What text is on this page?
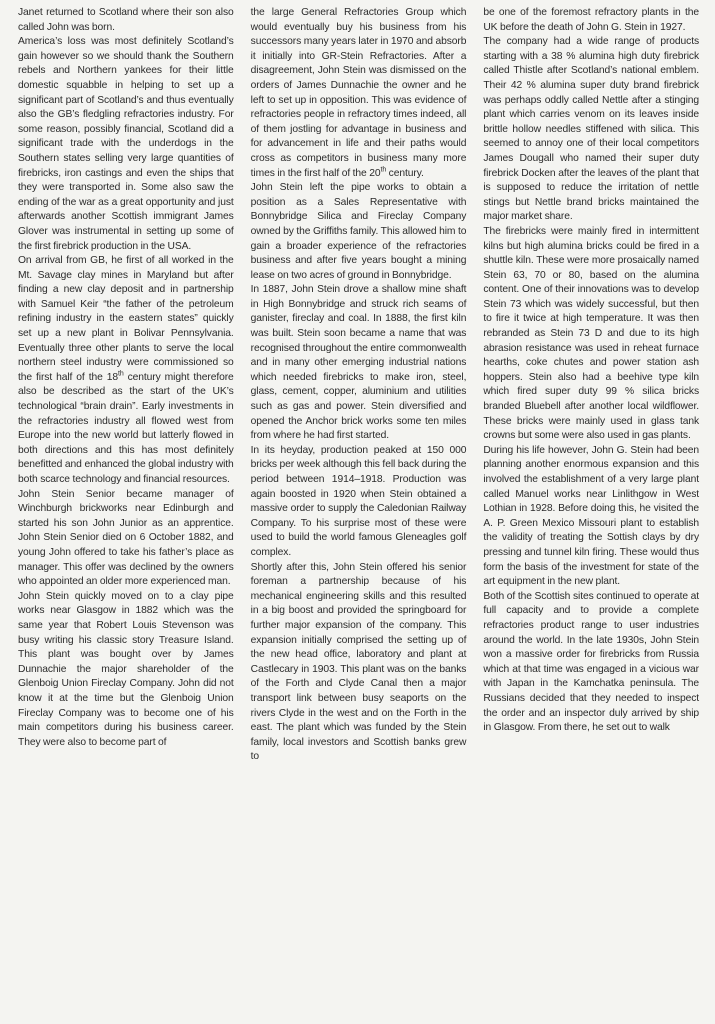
Janet returned to Scotland where their son also called John was born.

America’s loss was most definitely Scotland’s gain however so we should thank the Southern rebels and Northern yankees for their little domestic squabble in helping to set up a significant part of Scotland’s and thus eventually also the GB’s fledgling refractories industry. For some reason, possibly financial, Scotland did a significant trade with the underdogs in the Southern states selling very large quantities of firebricks, iron castings and even the ships that they were transported in. Some also saw the ending of the war as a great opportunity and just afterwards another Scottish immigrant James Glover was instrumental in setting up some of the first firebrick production in the USA.

On arrival from GB, he first of all worked in the Mt. Savage clay mines in Maryland but after finding a new clay deposit and in partnership with Samuel Keir “the father of the petroleum refining industry in the eastern states” quickly set up a new plant in Bolivar Pennsylvania. Eventually three other plants to serve the local northern steel industry were commissioned so the first half of the 18th century might therefore also be described as the start of the UK’s technological “brain drain”. Early investments in the refractories industry all flowed west from Europe into the new world but latterly flowed in both directions and this has most definitely benefitted and enhanced the global industry with both scarce technology and financial resources.

John Stein Senior became manager of Winchburgh brickworks near Edinburgh and started his son John Junior as an apprentice. John Stein Senior died on 6 October 1882, and young John offered to take his father’s place as manager. This offer was declined by the owners who appointed an older more experienced man.

John Stein quickly moved on to a clay pipe works near Glasgow in 1882 which was the same year that Robert Louis Stevenson was busy writing his classic story Treasure Island. This plant was bought over by James Dunnachie the major shareholder of the Glenboig Union Fireclay Company. John did not know it at the time but the Glenboig Union Fireclay Company was to become one of his main competitors during his business career. They were also to become part of

the large General Refractories Group which would eventually buy his business from his successors many years later in 1970 and absorb it initially into GR-Stein Refractories. After a disagreement, John Stein was dismissed on the orders of James Dunnachie the owner and he left to set up in opposition. This was evidence of refractories people in refractory times indeed, all of them jostling for advantage in business and for advancement in life and their paths would cross as competitors in business many more times in the first half of the 20th century.

John Stein left the pipe works to obtain a position as a Sales Representative with Bonnybridge Silica and Fireclay Company owned by the Griffiths family. This allowed him to gain a broader experience of the refractories business and after five years bought a mining lease on two acres of ground in Bonnybridge.

In 1887, John Stein drove a shallow mine shaft in High Bonnybridge and struck rich seams of ganister, fireclay and coal. In 1888, the first kiln was built. Stein soon became a name that was recognised throughout the entire commonwealth and in many other emerging industrial nations which needed firebricks to make iron, steel, glass, cement, copper, aluminium and utilities such as gas and power. Stein diversified and opened the Anchor brick works some ten miles from where he had first started.

In its heyday, production peaked at 150 000 bricks per week although this fell back during the period between 1914–1918. Production was again boosted in 1920 when Stein obtained a massive order to supply the Caledonian Railway Company. To his surprise most of these were used to build the world famous Gleneagles golf complex.

Shortly after this, John Stein offered his senior foreman a partnership because of his mechanical engineering skills and this resulted in a big boost and provided the springboard for further major expansion of the company. This expansion initially comprised the setting up of the new head office, laboratory and plant at Castlecary in 1903. This plant was on the banks of the Forth and Clyde Canal then a major transport link between busy seaports on the rivers Clyde in the west and on the Forth in the east. The plant which was funded by the Stein family, local investors and Scottish banks grew to

be one of the foremost refractory plants in the UK before the death of John G. Stein in 1927.

The company had a wide range of products starting with a 38 % alumina high duty firebrick called Thistle after Scotland’s national emblem. Their 42 % alumina super duty brand firebrick was perhaps oddly called Nettle after a stinging plant which carries venom on its leaves inside brittle hollow needles stiffened with silica. This seemed to annoy one of their local competitors James Dougall who named their super duty firebrick Docken after the leaves of the plant that is supposed to reduce the irritation of nettle stings but Nettle brand bricks maintained the major market share.

The firebricks were mainly fired in intermittent kilns but high alumina bricks could be fired in a shuttle kiln. These were more prosaically named Stein 63, 70 or 80, based on the alumina content. One of their innovations was to develop Stein 73 which was widely successful, but then to fire it twice at high temperature. It was then rebranded as Stein 73 D and due to its high abrasion resistance was used in reheat furnace hearths, coke chutes and power station ash hoppers. Stein also had a beehive type kiln which fired super duty 99 % silica bricks branded Bluebell after another local wildflower. These bricks were mainly used in glass tank crowns but some were also used in gas plants.

During his life however, John G. Stein had been planning another enormous expansion and this involved the establishment of a very large plant called Manuel works near Linlithgow in West Lothian in 1928. Before doing this, he visited the A. P. Green Mexico Missouri plant to establish the validity of treating the Sottish clays by dry pressing and tunnel kiln firing. These would thus form the basis of the investment for state of the art equipment in the new plant.

Both of the Scottish sites continued to operate at full capacity and to provide a complete refractories product range to user industries around the world. In the late 1930s, John Stein won a massive order for firebricks from Russia which at that time was engaged in a vicious war with Japan in the Kamchatka peninsula. The Russians decided that they needed to inspect the order and an inspector duly arrived by ship in Glasgow. From there, he set out to walk
